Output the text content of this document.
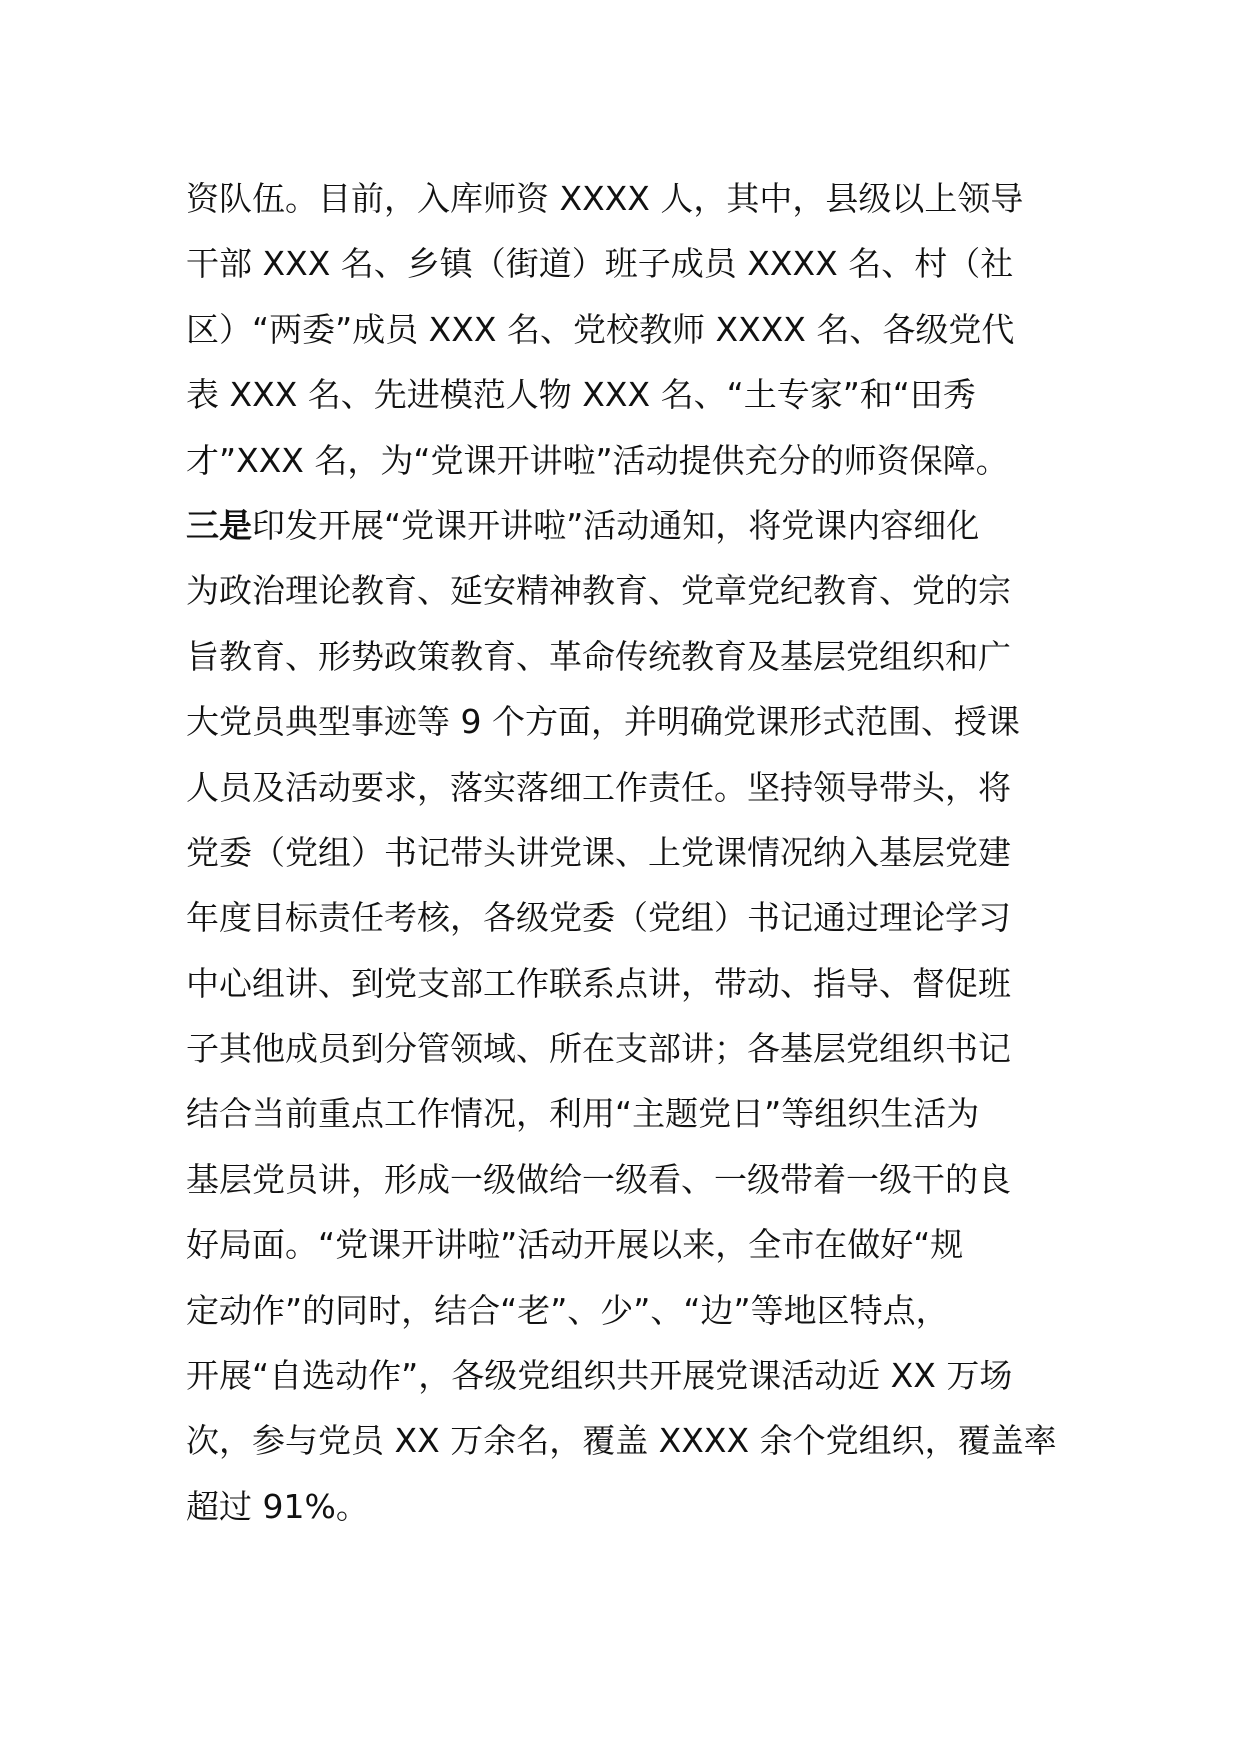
资队伍。目前，入库师资 XXXX 人，其中，县级以上领导
干部 XXX 名、乡镇（街道）班子成员 XXXX 名、村（社
区）“两委”成员 XXX 名、党校教师 XXXX 名、各级党代
表 XXX 名、先进模范人物 XXX 名、“土专家”和“田秀
才”XXX 名，为“党课开讲啦”活动提供充分的师资保障。
三是印发开展“党课开讲啦”活动通知，将党课内容细化
为政治理论教育、延安精神教育、党章党纪教育、党的宗
旨教育、形势政策教育、革命传统教育及基层党组织和广
大党员典型事迹等 9 个方面，并明确党课形式范围、授课
人员及活动要求，落实落细工作责任。坚持领导带头，将
党委（党组）书记带头讲党课、上党课情况纳入基层党建
年度目标责任考核，各级党委（党组）书记通过理论学习
中心组讲、到党支部工作联系点讲，带动、指导、督促班
子其他成员到分管领域、所在支部讲；各基层党组织书记
结合当前重点工作情况，利用“主题党日”等组织生活为
基层党员讲，形成一级做给一级看、一级带着一级干的良
好局面。“党课开讲啦”活动开展以来，全市在做好“规
定动作”的同时，结合“老”、少”、“边”等地区特点，
开展“自选动作”，各级党组织共开展党课活动近 XX 万场
次，参与党员 XX 万余名，覆盖 XXXX 余个党组织，覆盖率
超过 91%。
